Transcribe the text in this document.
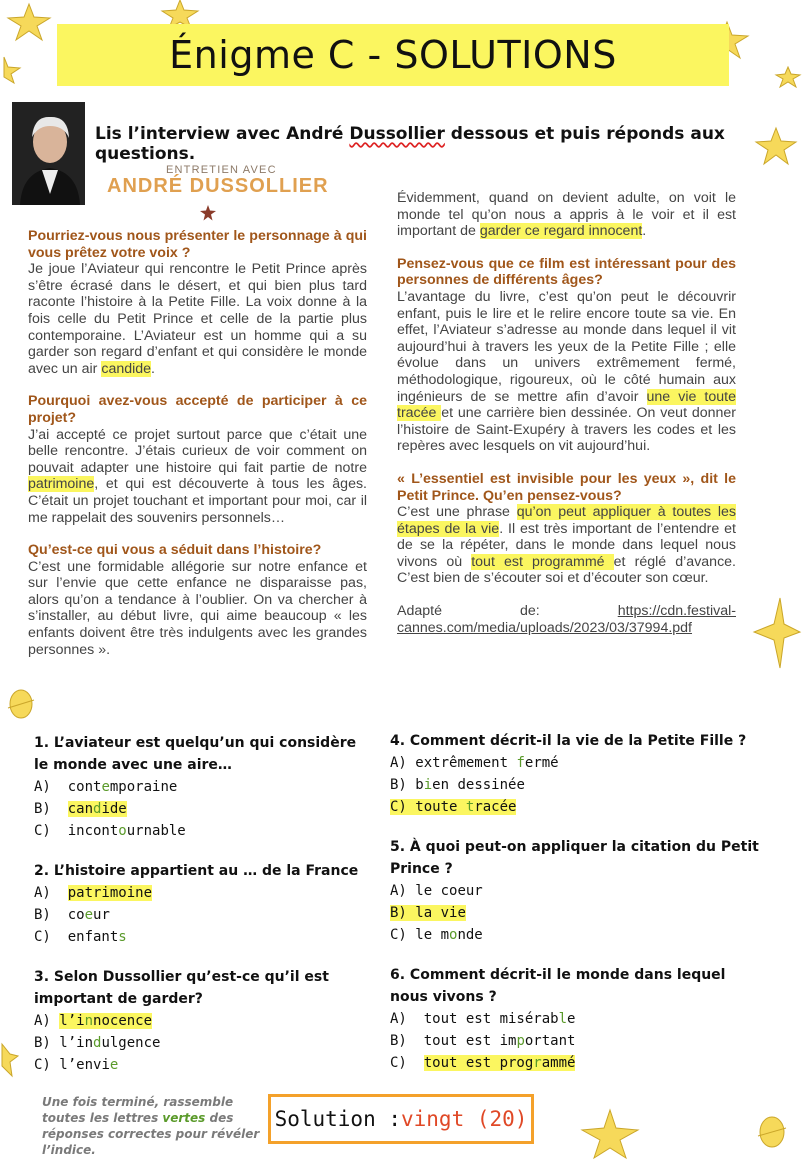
Énigme C - SOLUTIONS
Lis l’interview avec André Dussollier dessous et puis réponds aux questions.
ENTRETIEN AVEC
ANDRÉ DUSSOLLIER

Pourriez-vous nous présenter le personnage à qui vous prêtez votre voix ?

Je joue l’Aviateur qui rencontre le Petit Prince après s’être écrasé dans le désert, et qui bien plus tard raconte l’histoire à la Petite Fille. La voix donne à la fois celle du Petit Prince et celle de la partie plus contemporaine. L’Aviateur est un homme qui a su garder son regard d’enfant et qui considère le monde avec un air candide.

Pourquoi avez-vous accepté de participer à ce projet?

J’ai accepté ce projet surtout parce que c’était une belle rencontre. J’étais curieux de voir comment on pouvait adapter une histoire qui fait partie de notre patrimoine, et qui est découverte à tous les âges. C’était un projet touchant et important pour moi, car il me rappelait des souvenirs personnels…

Qu’est-ce qui vous a séduit dans l’histoire?

C’est une formidable allégorie sur notre enfance et sur l’envie que cette enfance ne disparaisse pas, alors qu’on a tendance à l’oublier. On va chercher à s’installer, au début livre, qui aime beaucoup « les enfants doivent être très indulgents avec les grandes personnes ».

Évidemment, quand on devient adulte, on voit le monde tel qu’on nous a appris à le voir et il est important de garder ce regard innocent.

Pensez-vous que ce film est intéressant pour des personnes de différents âges?

L’avantage du livre, c’est qu’on peut le découvrir enfant, puis le lire et le relire encore toute sa vie. En effet, l’Aviateur s’adresse au monde dans lequel il vit aujourd’hui à travers les yeux de la Petite Fille ; elle évolue dans un univers extrêmement fermé, méthodologique, rigoureux, où le côté humain aux ingénieurs de se mettre afin d’avoir une vie toute tracée et une carrière bien dessinée. On veut donner l’histoire de Saint-Exupéry à travers les codes et les repères avec lesquels on vit aujourd’hui.

« L’essentiel est invisible pour les yeux », dit le Petit Prince. Qu’en pensez-vous?

C’est une phrase qu’on peut appliquer à toutes les étapes de la vie. Il est très important de l’entendre et de se la répéter, dans le monde dans lequel nous vivons où tout est programmé et réglé d’avance. C’est bien de s’écouter soi et d’écouter son cœur.

Adapté de: https://cdn.festival-cannes.com/media/uploads/2023/03/37994.pdf

1. L’aviateur est quelqu’un qui considère le monde avec une aire…
A)  contemporaine
B)  candide
C)  incontournable
2. L’histoire appartient au … de la France
A)  patrimoine
B)  coeur
C)  enfants
3. Selon Dussollier qu’est-ce qu’il est important de garder?
A) l’innocence
B) l’indulgence
C) l’envie
4. Comment décrit-il la vie de la Petite Fille ?
A) extrêmement fermé
B) bien dessinée
C) toute tracée
5. À quoi peut-on appliquer la citation du Petit Prince ?
A) le coeur
B) la vie
C) le monde
6. Comment décrit-il le monde dans lequel nous vivons ?
A)  tout est misérable
B)  tout est important
C)  tout est programmé
Une fois terminé, rassemble toutes les lettres vertes des réponses correctes pour révéler l’indice.
Solution : vingt (20)
